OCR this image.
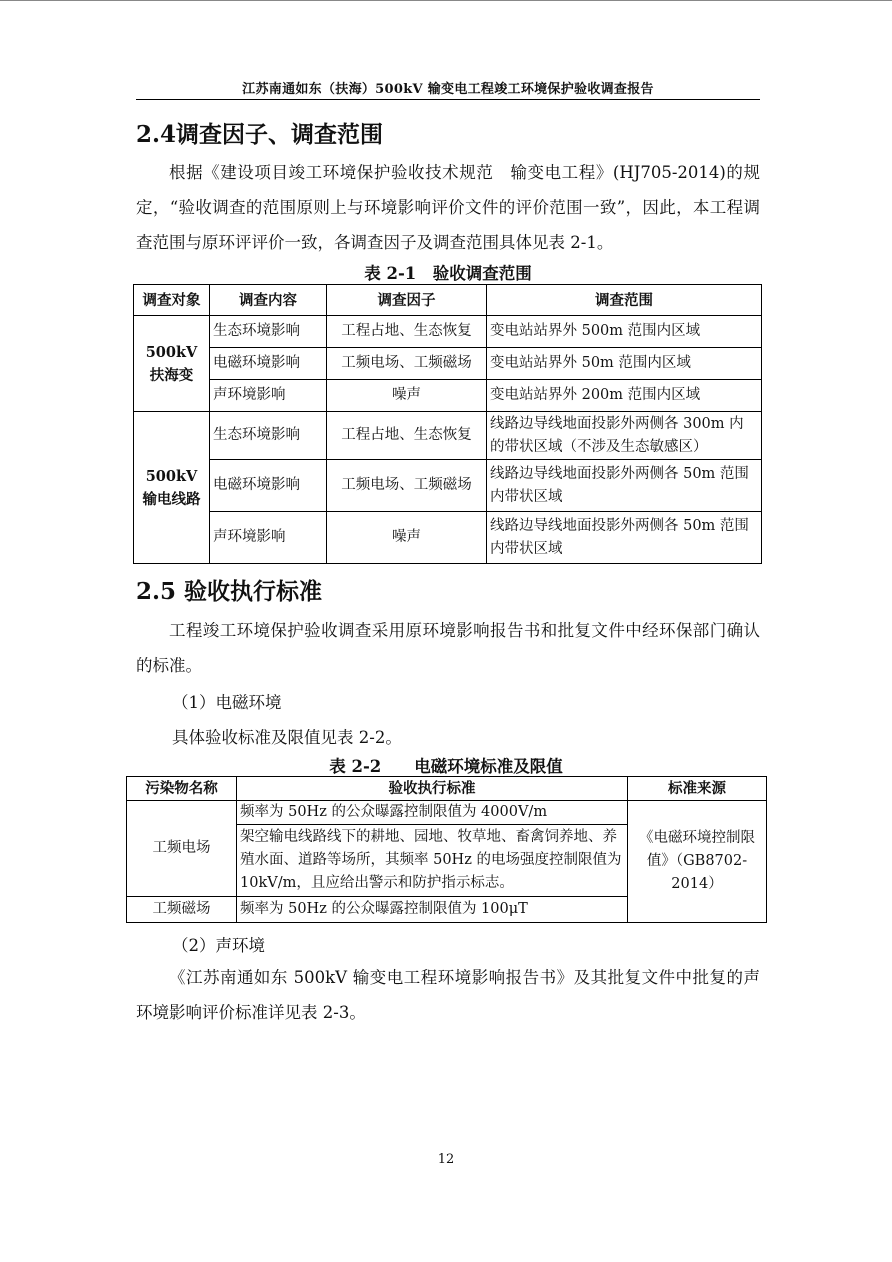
江苏南通如东（扶海）500kV 输变电工程竣工环境保护验收调查报告
2.4调查因子、调查范围

根据《建设项目竣工环境保护验收技术规范　输变电工程》(HJ705-2014)的规定，“验收调查的范围原则上与环境影响评价文件的评价范围一致”，因此，本工程调查范围与原环评评价一致，各调查因子及调查范围具体见表 2-1。

表 2-1　验收调查范围
调查对象	调查内容	调查因子	调查范围
500kV 扶海变	生态环境影响	工程占地、生态恢复	变电站站界外 500m 范围内区域
	电磁环境影响	工频电场、工频磁场	变电站站界外 50m 范围内区域
	声环境影响	噪声	变电站站界外 200m 范围内区域
500kV 输电线路	生态环境影响	工程占地、生态恢复	线路边导线地面投影外两侧各 300m 内的带状区域（不涉及生态敏感区）
	电磁环境影响	工频电场、工频磁场	线路边导线地面投影外两侧各 50m 范围内带状区域
	声环境影响	噪声	线路边导线地面投影外两侧各 50m 范围内带状区域
2.5 验收执行标准

工程竣工环境保护验收调查采用原环境影响报告书和批复文件中经环保部门确认的标准。

（1）电磁环境
具体验收标准及限值见表 2-2。
表 2-2　　电磁环境标准及限值
污染物名称	验收执行标准	标准来源
工频电场	频率为 50Hz 的公众曝露控制限值为 4000V/m	《电磁环境控制限值》（GB8702-2014）
	架空输电线路线下的耕地、园地、牧草地、畜禽饲养地、养殖水面、道路等场所，其频率 50Hz 的电场强度控制限值为 10kV/m，且应给出警示和防护指示标志。	
工频磁场	频率为 50Hz 的公众曝露控制限值为 100μT	
（2）声环境

《江苏南通如东 500kV 输变电工程环境影响报告书》及其批复文件中批复的声环境影响评价标准详见表 2-3。

12
